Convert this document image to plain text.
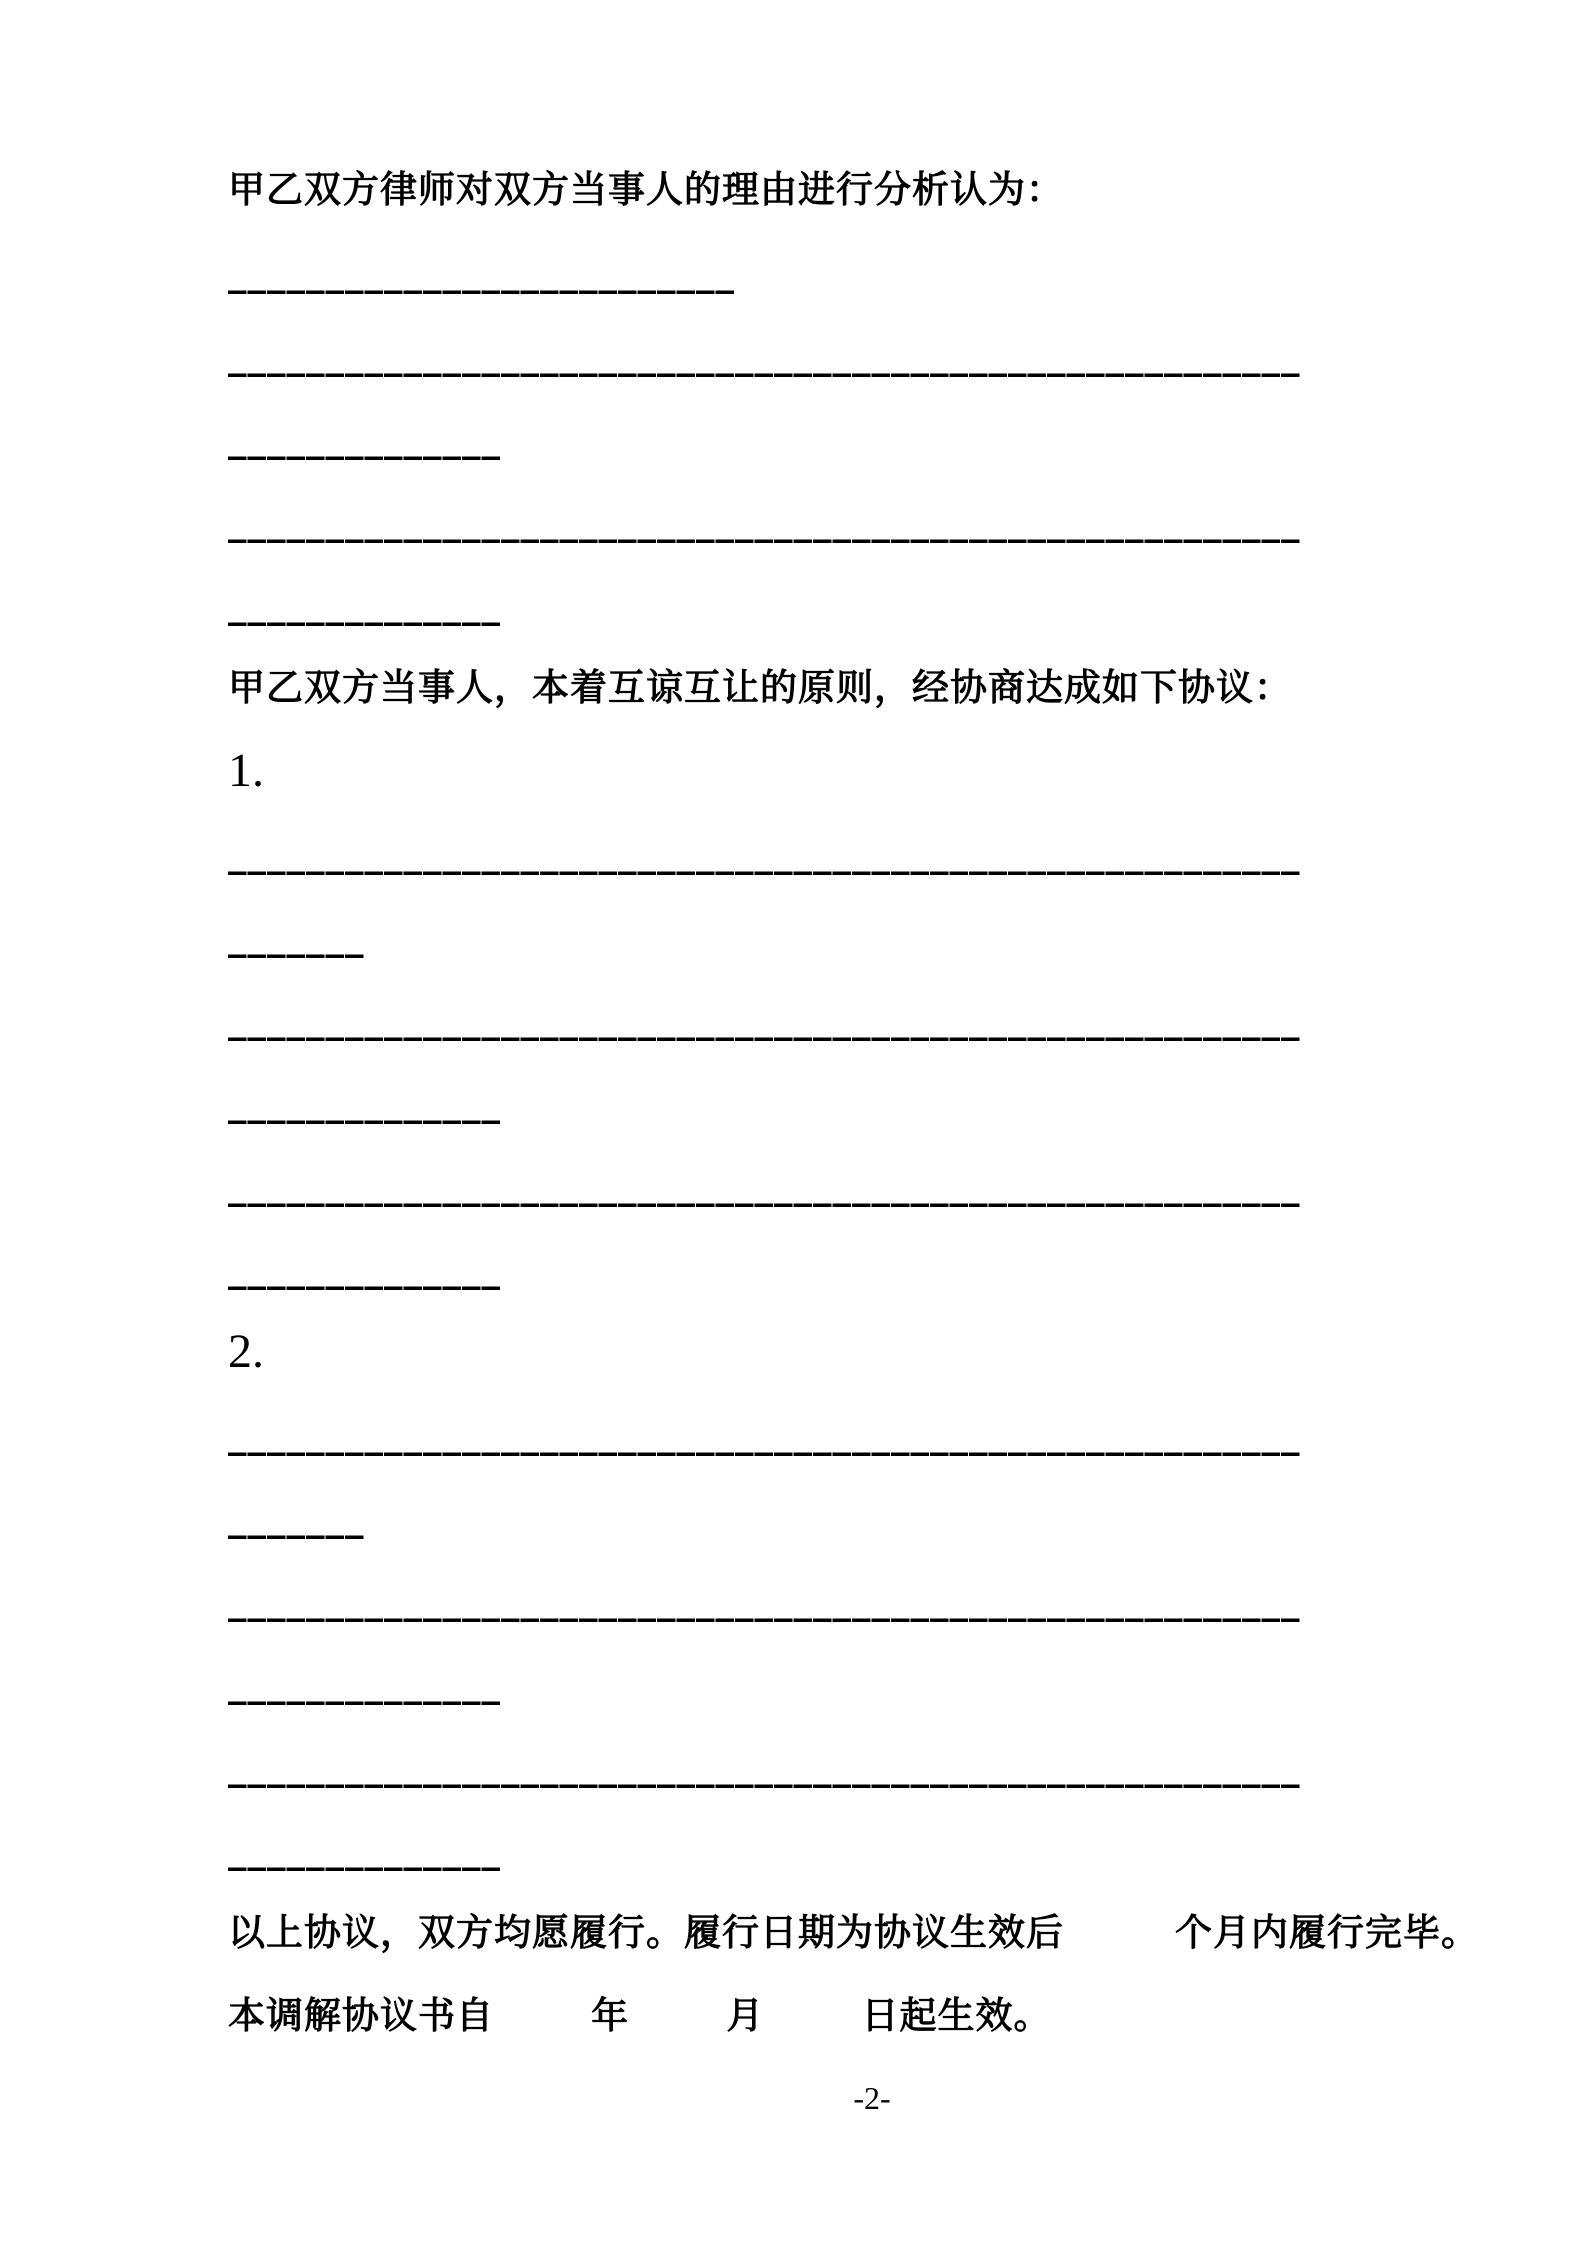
甲乙双方律师对双方当事人的理由进行分析认为：
__________________________
_______________________________________________________
______________
_______________________________________________________
______________
甲乙双方当事人，本着互谅互让的原则，经协商达成如下协议：
1.
_______________________________________________________
_______
_______________________________________________________
______________
_______________________________________________________
______________
2.
_______________________________________________________
_______
_______________________________________________________
______________
_______________________________________________________
______________
以上协议，双方均愿履行。履行日期为协议生效后        个月内履行完毕。
本调解协议书自       年       月       日起生效。
-2-
